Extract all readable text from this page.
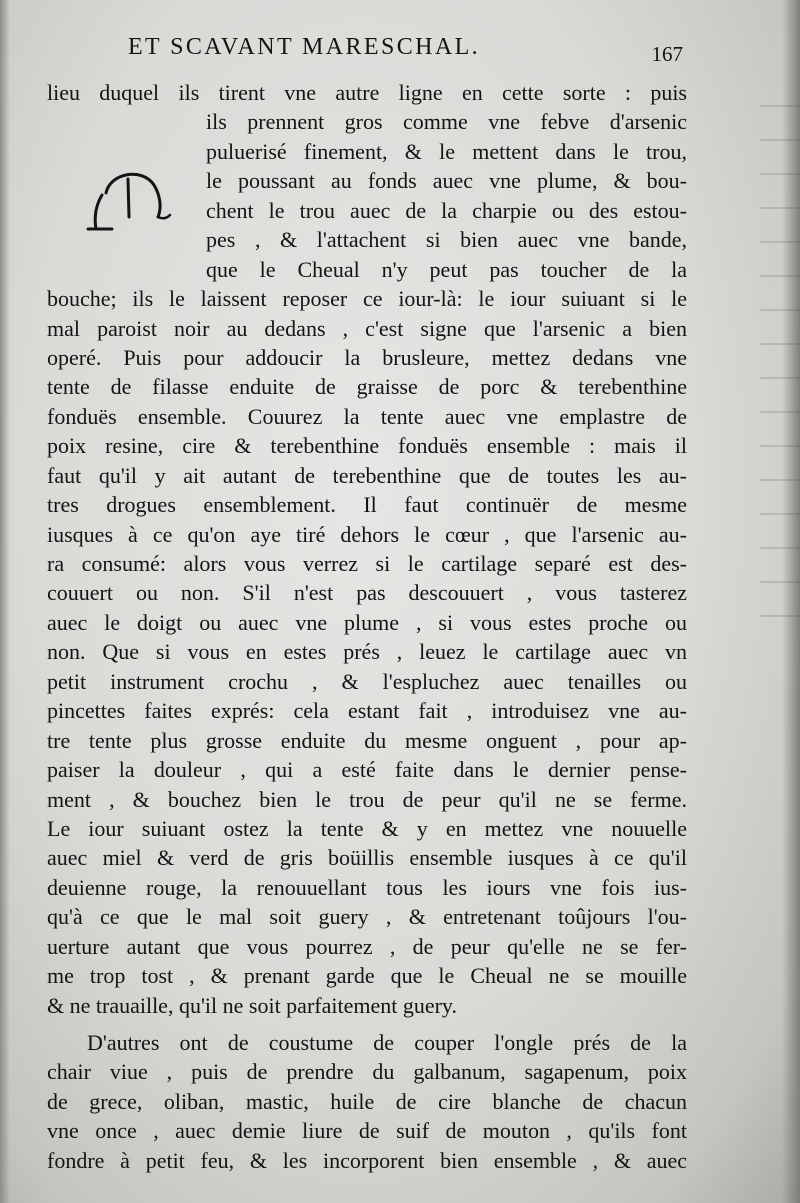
ET SCAVANT MARESCHAL.	167
lieu duquel ils tirent vne autre ligne en cette sorte : puis
ils prennent gros comme vne febve d'arsenic
puluerisé finement, & le mettent dans le trou,
le poussant au fonds auec vne plume, & bou-
chent le trou auec de la charpie ou des estou-
pes , & l'attachent si bien auec vne bande,
que le Cheual n'y peut pas toucher de la
bouche; ils le laissent reposer ce iour-là: le iour suiuant si le
mal paroist noir au dedans , c'est signe que l'arsenic a bien
operé. Puis pour addoucir la brusleure, mettez dedans vne
tente de filasse enduite de graisse de porc & terebenthine
fonduës ensemble. Couurez la tente auec vne emplastre de
poix resine, cire & terebenthine fonduës ensemble : mais il
faut qu'il y ait autant de terebenthine que de toutes les au-
tres drogues ensemblement. Il faut continuër de mesme
iusques à ce qu'on aye tiré dehors le cœur , que l'arsenic au-
ra consumé: alors vous verrez si le cartilage separé est des-
couuert ou non. S'il n'est pas descouuert , vous tasterez
auec le doigt ou auec vne plume , si vous estes proche ou
non. Que si vous en estes prés , leuez le cartilage auec vn
petit instrument crochu , & l'espluchez auec tenailles ou
pincettes faites exprés: cela estant fait , introduisez vne au-
tre tente plus grosse enduite du mesme onguent , pour ap-
paiser la douleur , qui a esté faite dans le dernier pense-
ment , & bouchez bien le trou de peur qu'il ne se ferme.
Le iour suiuant ostez la tente & y en mettez vne nouuelle
auec miel & verd de gris boüillis ensemble iusques à ce qu'il
deuienne rouge, la renouuellant tous les iours vne fois ius-
qu'à ce que le mal soit guery , & entretenant toûjours l'ou-
uerture autant que vous pourrez , de peur qu'elle ne se fer-
me trop tost , & prenant garde que le Cheual ne se mouille
& ne trauaille, qu'il ne soit parfaitement guery.
D'autres ont de coustume de couper l'ongle prés de la
chair viue , puis de prendre du galbanum, sagapenum, poix
de grece, oliban, mastic, huile de cire blanche de chacun
vne once , auec demie liure de suif de mouton , qu'ils font
fondre à petit feu, & les incorporent bien ensemble , & auec
